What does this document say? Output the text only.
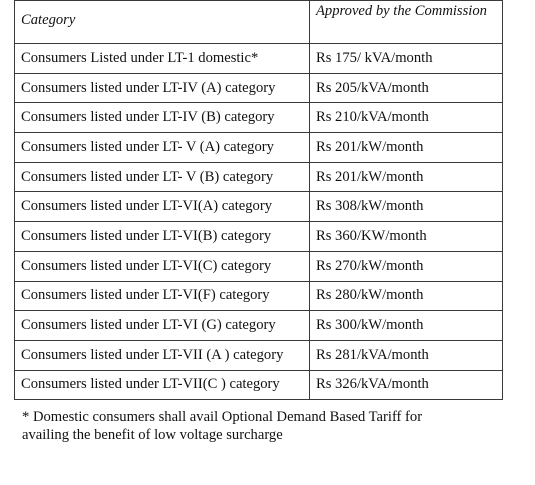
Category	Approved by the Commission
Consumers Listed under LT-1 domestic*	Rs 175/ kVA/month
Consumers listed under LT-IV (A) category	Rs 205/kVA/month
Consumers listed under LT-IV (B) category	Rs 210/kVA/month
Consumers listed under LT- V (A) category	Rs 201/kW/month
Consumers listed under LT- V (B) category	Rs 201/kW/month
Consumers listed under LT-VI(A) category	Rs 308/kW/month
Consumers listed under LT-VI(B) category	Rs 360/KW/month
Consumers listed under LT-VI(C) category	Rs 270/kW/month
Consumers listed under LT-VI(F) category	Rs 280/kW/month
Consumers listed under LT-VI (G) category	Rs 300/kW/month
Consumers listed under LT-VII (A ) category	Rs 281/kVA/month
Consumers listed under LT-VII(C ) category	Rs 326/kVA/month
* Domestic consumers shall avail Optional Demand Based Tariff for
availing the benefit of low voltage surcharge
